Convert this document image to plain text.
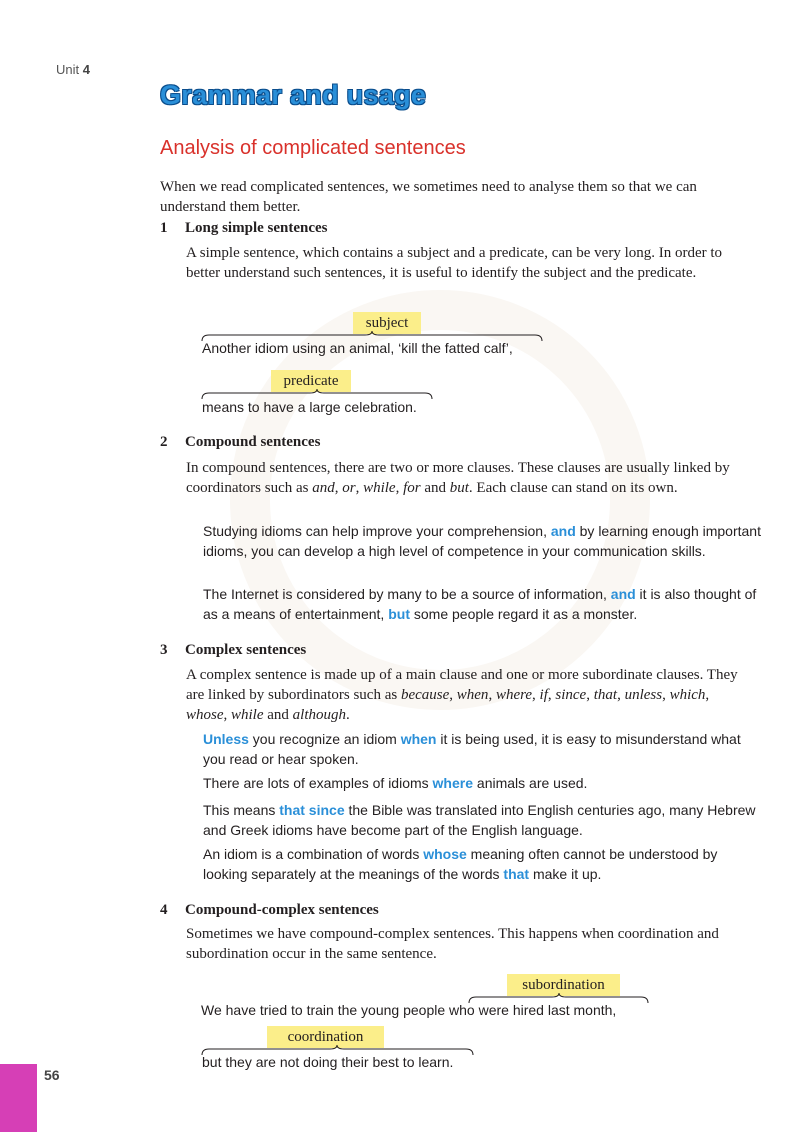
Unit 4
Grammar and usage
Analysis of complicated sentences
When we read complicated sentences, we sometimes need to analyse them so that we can understand them better.
1 Long simple sentences
A simple sentence, which contains a subject and a predicate, can be very long. In order to better understand such sentences, it is useful to identify the subject and the predicate.
subject
Another idiom using an animal, ‘kill the fatted calf’,
predicate
means to have a large celebration.
2 Compound sentences
In compound sentences, there are two or more clauses. These clauses are usually linked by coordinators such as and, or, while, for and but. Each clause can stand on its own.
Studying idioms can help improve your comprehension, and by learning enough important idioms, you can develop a high level of competence in your communication skills.
The Internet is considered by many to be a source of information, and it is also thought of as a means of entertainment, but some people regard it as a monster.
3 Complex sentences
A complex sentence is made up of a main clause and one or more subordinate clauses. They are linked by subordinators such as because, when, where, if, since, that, unless, which, whose, while and although.
Unless you recognize an idiom when it is being used, it is easy to misunderstand what you read or hear spoken.
There are lots of examples of idioms where animals are used.
This means that since the Bible was translated into English centuries ago, many Hebrew and Greek idioms have become part of the English language.
An idiom is a combination of words whose meaning often cannot be understood by looking separately at the meanings of the words that make it up.
4 Compound-complex sentences
Sometimes we have compound-complex sentences. This happens when coordination and subordination occur in the same sentence.
subordination
We have tried to train the young people who were hired last month,
coordination
but they are not doing their best to learn.
56
